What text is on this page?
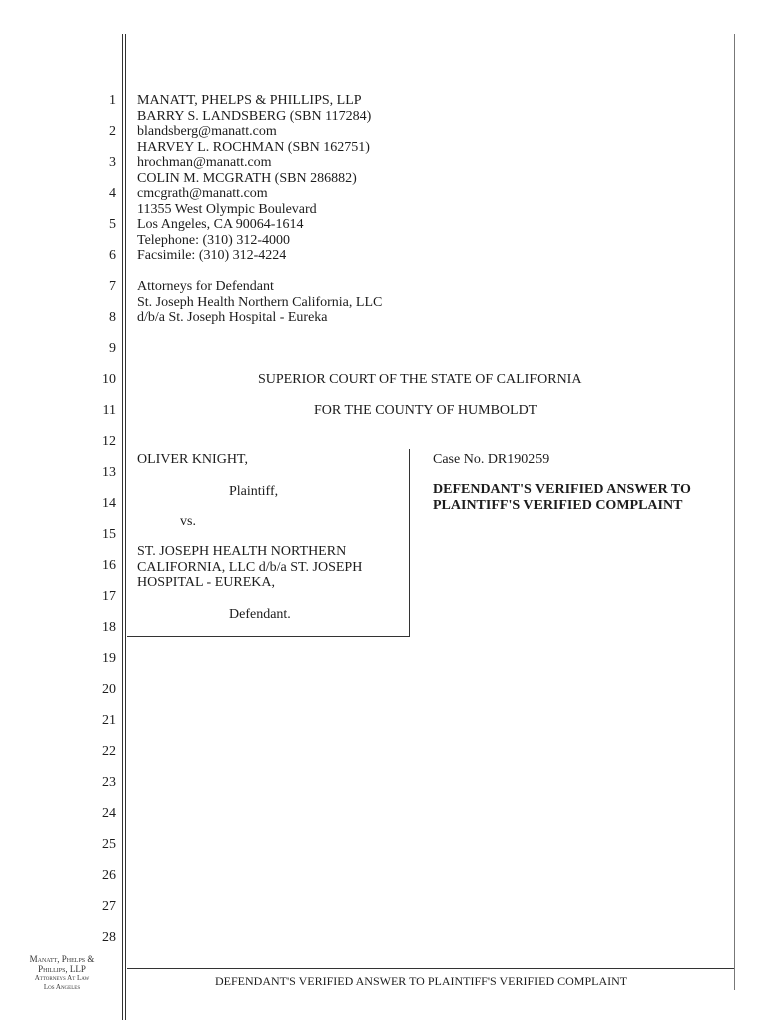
1
2
3
4
5
6
7
8
9
10
11
12
13
14
15
16
17
18
19
20
21
22
23
24
25
26
27
28
MANATT, PHELPS & PHILLIPS, LLP
BARRY S. LANDSBERG (SBN 117284)
blandsberg@manatt.com
HARVEY L. ROCHMAN (SBN 162751)
hrochman@manatt.com
COLIN M. MCGRATH (SBN 286882)
cmcgrath@manatt.com
11355 West Olympic Boulevard
Los Angeles, CA 90064-1614
Telephone: (310) 312-4000
Facsimile: (310) 312-4224
Attorneys for Defendant
St. Joseph Health Northern California, LLC
d/b/a St. Joseph Hospital - Eureka
SUPERIOR COURT OF THE STATE OF CALIFORNIA
FOR THE COUNTY OF HUMBOLDT
OLIVER KNIGHT,
Plaintiff,
vs.
ST. JOSEPH HEALTH NORTHERN
CALIFORNIA, LLC d/b/a ST. JOSEPH
HOSPITAL - EUREKA,
Defendant.
Case No. DR190259
DEFENDANT'S VERIFIED ANSWER TO
PLAINTIFF'S VERIFIED COMPLAINT
DEFENDANT'S VERIFIED ANSWER TO PLAINTIFF'S VERIFIED COMPLAINT
Manatt, Phelps &
Phillips, LLP
Attorneys At Law
Los Angeles
